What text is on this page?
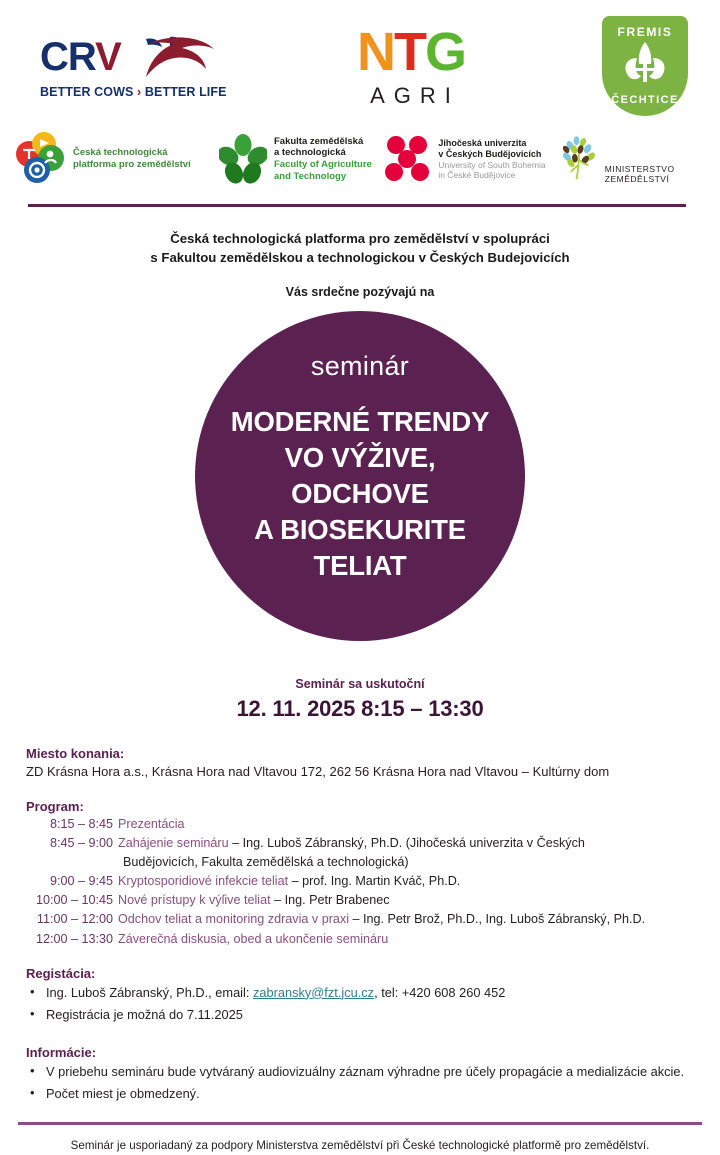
CRV
BETTER COWS › BETTER LIFE
NTG
AGRI
FREMIS
ČECHTICE
Česká technologická
platforma pro zemědělství
Fakulta zemědělská
a technologická
Faculty of Agriculture
and Technology
Jihočeská univerzita
v Českých Budějovicích
University of South Bohemia
in České Budějovice
MINISTERSTVO ZEMĚDĚLSTVÍ
Česká technologická platforma pro zemědělství v spolupráci
s Fakultou zemědělskou a technologickou v Českých Budejovicích
Vás srdečne pozývajú na
seminár
MODERNÉ TRENDY
VO VÝŽIVE,
ODCHOVE
A BIOSEKURITE
TELIAT
Seminár sa uskutoční
12. 11. 2025 8:15 – 13:30
Miesto konania:
ZD Krásna Hora a.s., Krásna Hora nad Vltavou 172, 262 56 Krásna Hora nad Vltavou – Kultúrny dom
Program:
8:15 – 8:45 Prezentácia
8:45 – 9:00 Zahájenie semináru – Ing. Luboš Zábranský, Ph.D. (Jihočeská univerzita v Českých
Budějovicích, Fakulta zemědělská a technologická)
9:00 – 9:45 Kryptosporidiové infekcie teliat – prof. Ing. Martin Kváč, Ph.D.
10:00 – 10:45 Nové prístupy k výſive teliat – Ing. Petr Brabenec
11:00 – 12:00 Odchov teliat a monitoring zdravia v praxi – Ing. Petr Brož, Ph.D., Ing. Luboš Zábranský, Ph.D.
12:00 – 13:30 Záverečná diskusia, obed a ukončenie semináru
Registácia:
• Ing. Luboš Zábranský, Ph.D., email: zabransky@fzt.jcu.cz, tel: +420 608 260 452
• Registrácia je možná do 7.11.2025
Informácie:
• V priebehu semináru bude vytváraný audiovizuálny záznam výhradne pre účely propagácie a medializácie akcie.
• Počet miest je obmedzený.
Seminár je usporiadaný za podpory Ministerstva zemědělství při České technologické platformě pro zemědělství.
